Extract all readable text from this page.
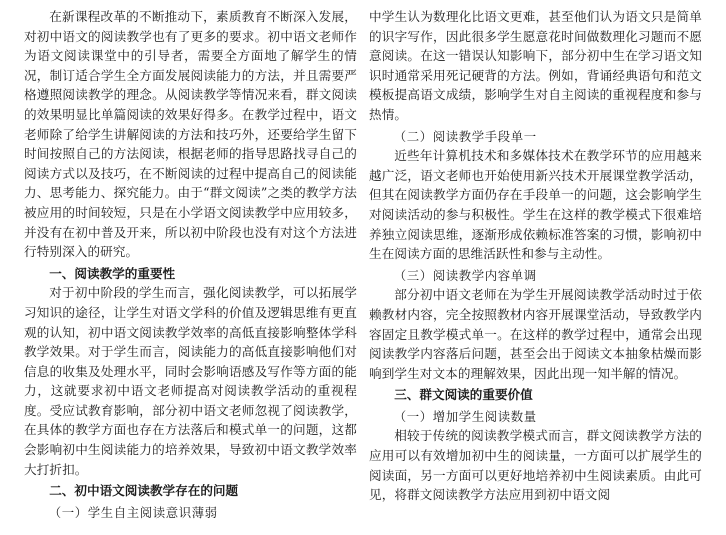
在新课程改革的不断推动下，素质教育不断深入发展，对初中语文的阅读教学也有了更多的要求。初中语文老师作为语文阅读课堂中的引导者，需要全方面地了解学生的情况，制订适合学生全方面发展阅读能力的方法，并且需要严格遵照阅读教学的理念。从阅读教学等情况来看，群文阅读的效果明显比单篇阅读的效果好得多。在教学过程中，语文老师除了给学生讲解阅读的方法和技巧外，还要给学生留下时间按照自己的方法阅读，根据老师的指导思路找寻自己的阅读方式以及技巧，在不断阅读的过程中提高自己的阅读能力、思考能力、探究能力。由于“群文阅读”之类的教学方法被应用的时间较短，只是在小学语文阅读教学中应用较多，并没有在初中普及开来，所以初中阶段也没有对这个方法进行特别深入的研究。

一、阅读教学的重要性

对于初中阶段的学生而言，强化阅读教学，可以拓展学习知识的途径，让学生对语文学科的价值及逻辑思维有更直观的认知，初中语文阅读教学效率的高低直接影响整体学科教学效果。对于学生而言，阅读能力的高低直接影响他们对信息的收集及处理水平，同时会影响语感及写作等方面的能力，这就要求初中语文老师提高对阅读教学活动的重视程度。受应试教育影响，部分初中语文老师忽视了阅读教学，在具体的教学方面也存在方法落后和模式单一的问题，这都会影响初中生阅读能力的培养效果，导致初中语文教学效率大打折扣。

二、初中语文阅读教学存在的问题
（一）学生自主阅读意识薄弱

中学生认为数理化比语文更难，甚至他们认为语文只是简单的识字写作，因此很多学生愿意花时间做数理化习题而不愿意阅读。在这一错误认知影响下，部分初中生在学习语文知识时通常采用死记硬背的方法。例如，背诵经典语句和范文模板提高语文成绩，影响学生对自主阅读的重视程度和参与热情。

（二）阅读教学手段单一

近些年计算机技术和多媒体技术在教学环节的应用越来越广泛，语文老师也开始使用新兴技术开展课堂教学活动，但其在阅读教学方面仍存在手段单一的问题，这会影响学生对阅读活动的参与积极性。学生在这样的教学模式下很难培养独立阅读思维，逐渐形成依赖标准答案的习惯，影响初中生在阅读方面的思维活跃性和参与主动性。

（三）阅读教学内容单调

部分初中语文老师在为学生开展阅读教学活动时过于依赖教材内容，完全按照教材内容开展课堂活动，导致教学内容固定且教学模式单一。在这样的教学过程中，通常会出现阅读教学内容落后问题，甚至会出于阅读文本抽象枯燥而影响到学生对文本的理解效果，因此出现一知半解的情况。

三、群文阅读的重要价值
（一）增加学生阅读数量

相较于传统的阅读教学模式而言，群文阅读教学方法的应用可以有效增加初中生的阅读量，一方面可以扩展学生的阅读面，另一方面可以更好地培养初中生阅读素质。由此可见，将群文阅读教学方法应用到初中语文阅
